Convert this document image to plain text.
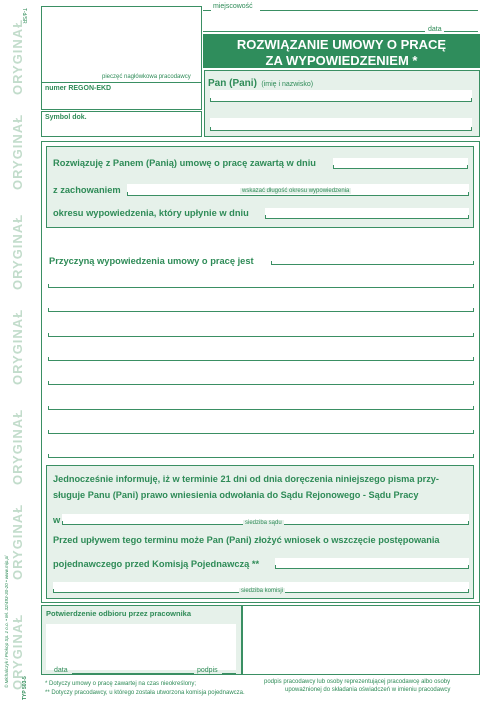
ORYGINAŁ
ORYGINAŁ
ORYGINAŁ
ORYGINAŁ
ORYGINAŁ
ORYGINAŁ
ORYGINAŁ
T-d/SR
© Michalczyk i Prokop Sp. z o.o. • tel. 32/493-30-20 • www.mip.pl
TYP 503-5
miejscowość
data
ROZWIĄZANIE UMOWY O PRACĘ
ZA WYPOWIEDZENIEM *
pieczęć nagłówkowa pracodawcy
numer REGON-EKD
Symbol dok.
Pan (Pani) (imię i nazwisko)
Rozwiązuję z Panem (Panią) umowę o pracę zawartą w dniu
z zachowaniem	wskazać długość okresu wypowiedzenia
okresu wypowiedzenia, który upłynie w dniu
Przyczyną wypowiedzenia umowy o pracę jest
Jednocześnie informuję, iż w terminie 21 dni od dnia doręczenia niniejszego pisma przy-
sługuje Panu (Pani) prawo wniesienia odwołania do Sądu Rejonowego - Sądu Pracy
w	siedziba sądu
Przed upływem tego terminu może Pan (Pani) złożyć wniosek o wszczęcie postępowania
pojednawczego przed Komisją Pojednawczą **
siedziba komisji
Potwierdzenie odbioru przez pracownika
data	podpis
podpis pracodawcy lub osoby reprezentującej pracodawcę albo osoby
upoważnionej do składania oświadczeń w imieniu pracodawcy
* Dotyczy umowy o pracę zawartej na czas nieokreślony;
** Dotyczy pracodawcy, u którego została utworzona komisja pojednawcza.
